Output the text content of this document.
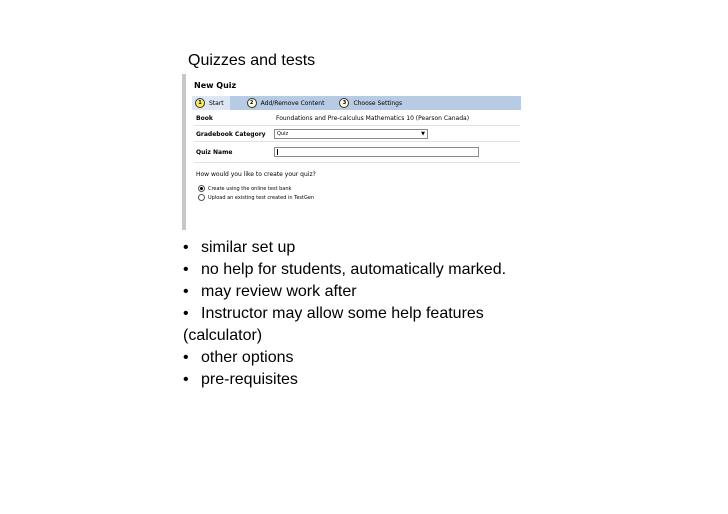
Quizzes and tests
New Quiz
1	Start	2	Add/Remove Content	3	Choose Settings
Book	Foundations and Pre-calculus Mathematics 10 (Pearson Canada)
Gradebook Category	Quiz	▼
Quiz Name
How would you like to create your quiz?
Create using the online test bank
Upload an existing test created in TestGen
• similar set up
• no help for students, automatically marked.
• may review work after
• Instructor may allow some help features
(calculator)
• other options
• pre-requisites
